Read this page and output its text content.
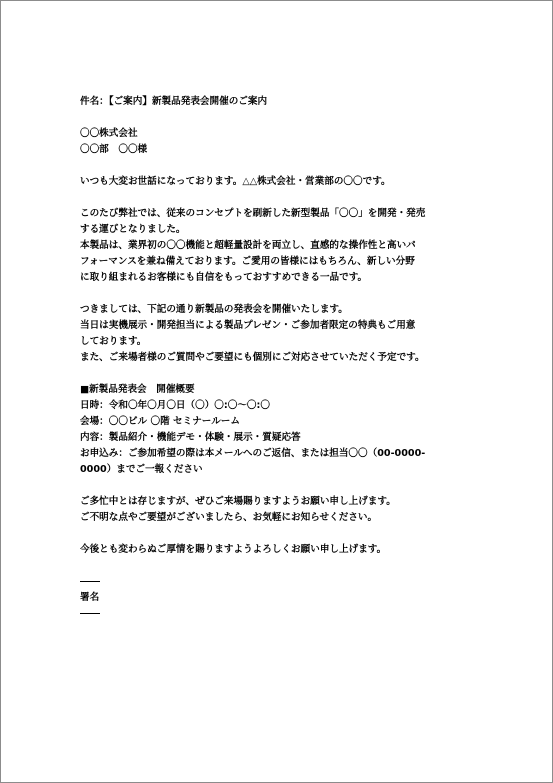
件名：【ご案内】新製品発表会開催のご案内
〇〇株式会社
〇〇部　〇〇様
いつも大変お世話になっております。△△株式会社・営業部の〇〇です。
このたび弊社では、従来のコンセプトを刷新した新型製品「〇〇」を開発・発売
する運びとなりました。
本製品は、業界初の〇〇機能と超軽量設計を両立し、直感的な操作性と高いパ
フォーマンスを兼ね備えております。ご愛用の皆様にはもちろん、新しい分野
に取り組まれるお客様にも自信をもっておすすめできる一品です。
つきましては、下記の通り新製品の発表会を開催いたします。
当日は実機展示・開発担当による製品プレゼン・ご参加者限定の特典もご用意
しております。
また、ご来場者様のご質問やご要望にも個別にご対応させていただく予定です。
■新製品発表会　開催概要
日時：令和〇年〇月〇日（〇）〇:〇〜〇:〇
会場：〇〇ビル 〇階 セミナールーム
内容：製品紹介・機能デモ・体験・展示・質疑応答
お申込み：ご参加希望の際は本メールへのご返信、または担当〇〇（00-0000-
0000）までご一報ください
ご多忙中とは存じますが、ぜひご来場賜りますようお願い申し上げます。
ご不明な点やご要望がございましたら、お気軽にお知らせください。
今後とも変わらぬご厚情を賜りますようよろしくお願い申し上げます。
署名
